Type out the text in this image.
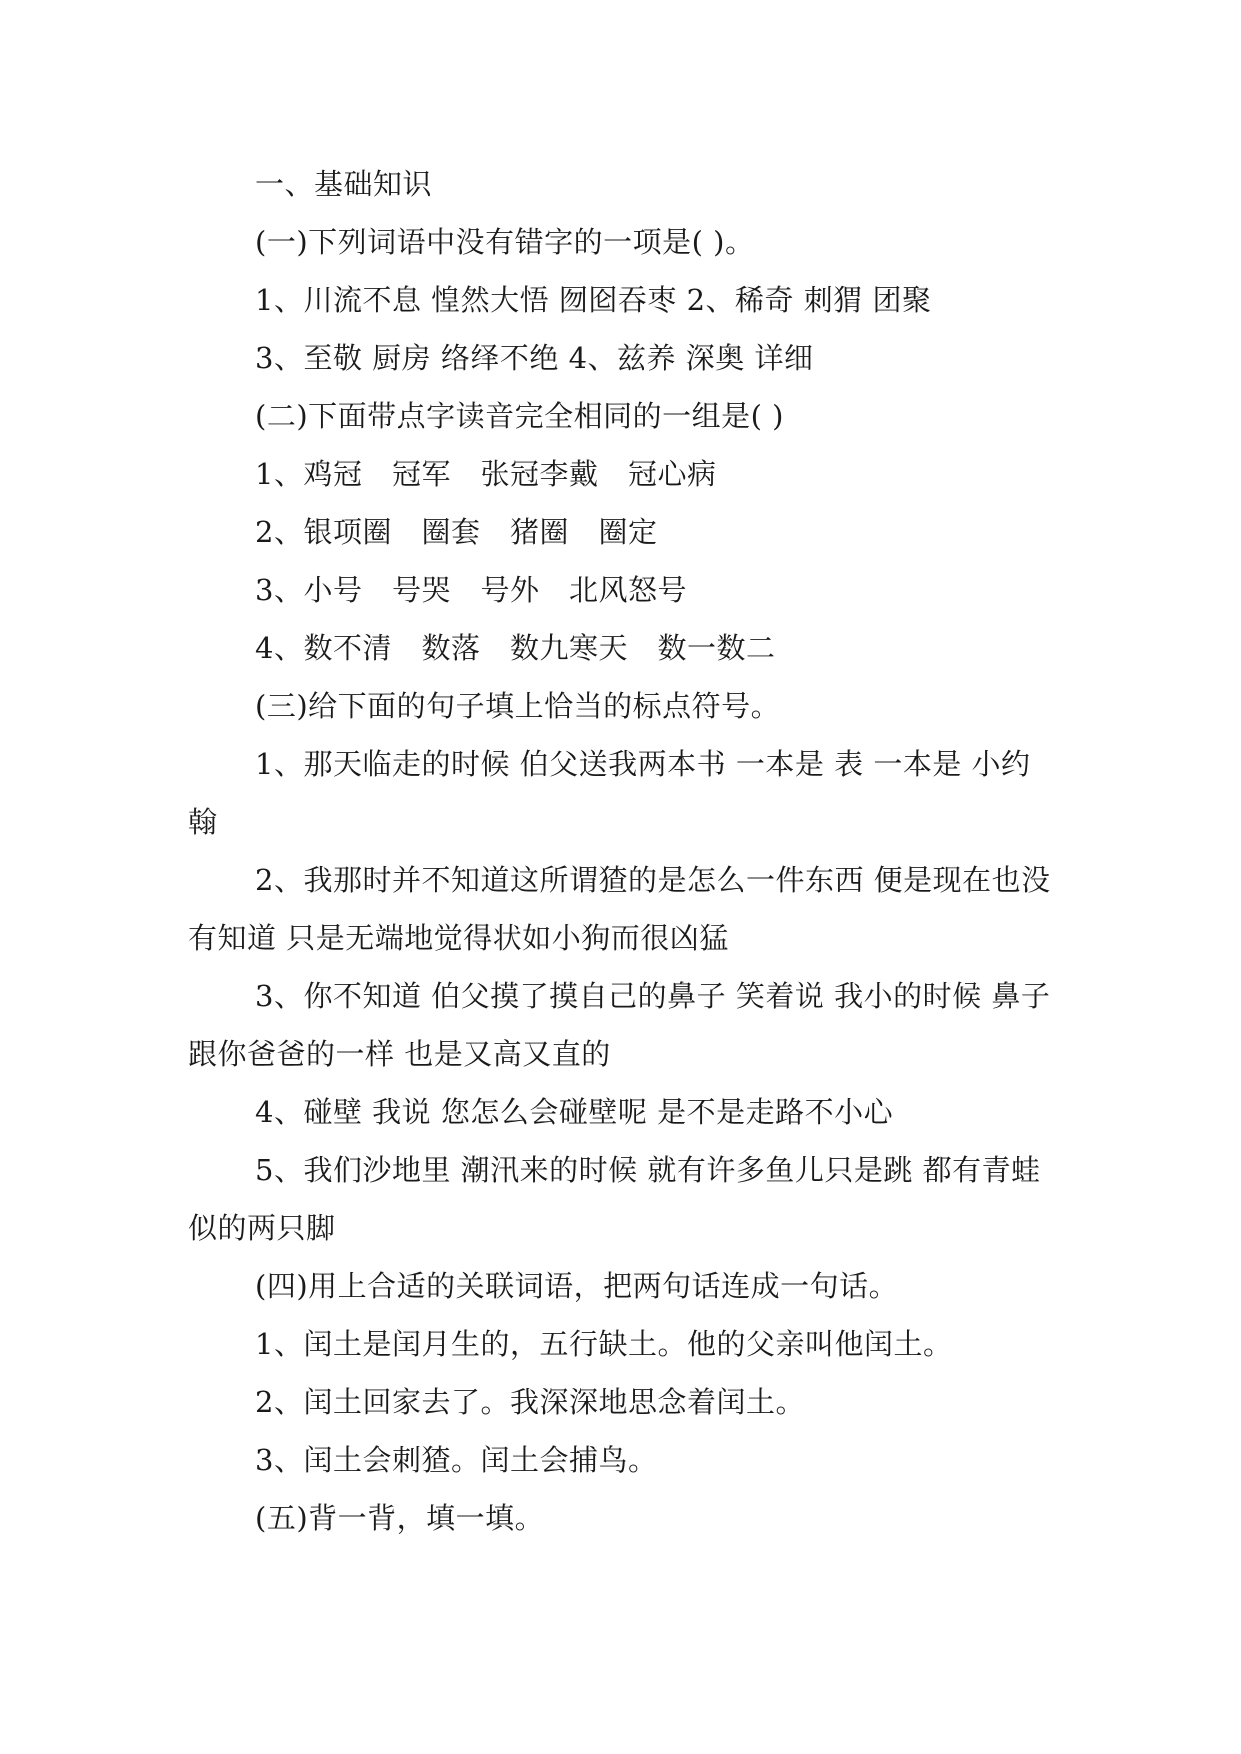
一、基础知识

(一)下列词语中没有错字的一项是( )。

1、川流不息 惶然大悟 囫囵吞枣 2、稀奇 刺猬 团聚

3、至敬 厨房 络绎不绝 4、兹养 深奥 详细

(二)下面带点字读音完全相同的一组是( )

1、鸡冠　冠军　张冠李戴　冠心病

2、银项圈　圈套　猪圈　圈定

3、小号　号哭　号外　北风怒号

4、数不清　数落　数九寒天　数一数二

(三)给下面的句子填上恰当的标点符号。

1、那天临走的时候 伯父送我两本书 一本是 表 一本是 小约翰

2、我那时并不知道这所谓猹的是怎么一件东西 便是现在也没有知道 只是无端地觉得状如小狗而很凶猛

3、你不知道 伯父摸了摸自己的鼻子 笑着说 我小的时候 鼻子跟你爸爸的一样 也是又高又直的

4、碰壁 我说 您怎么会碰壁呢 是不是走路不小心

5、我们沙地里 潮汛来的时候 就有许多鱼儿只是跳 都有青蛙似的两只脚

(四)用上合适的关联词语，把两句话连成一句话。

1、闰土是闰月生的，五行缺土。他的父亲叫他闰土。

2、闰土回家去了。我深深地思念着闰土。

3、闰土会刺猹。闰土会捕鸟。

(五)背一背，填一填。
